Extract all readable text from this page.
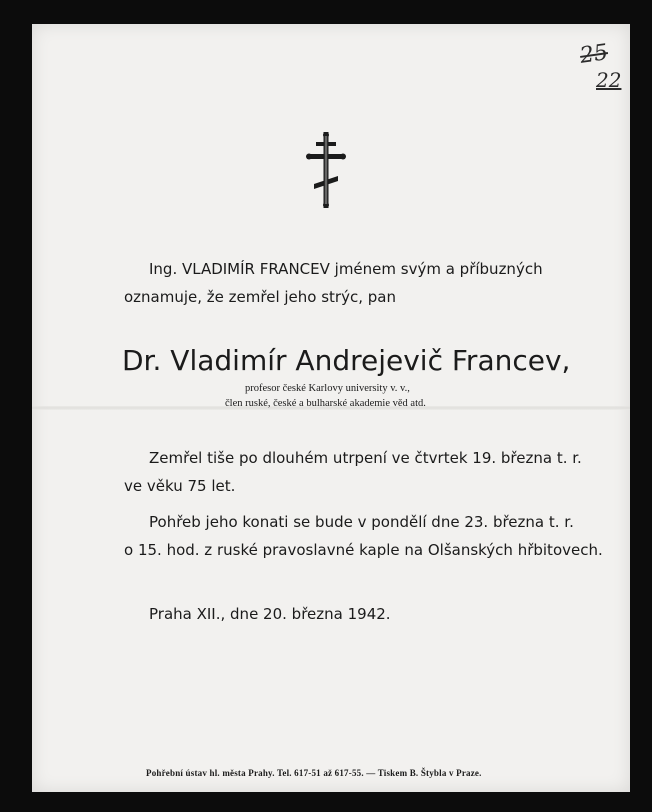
25
22
Ing. VLADIMÍR FRANCEV jménem svým a příbuzných
oznamuje, že zemřel jeho strýc, pan
Dr. Vladimír Andrejevič Francev,
profesor české Karlovy university v. v.,
člen ruské, české a bulharské akademie věd atd.
Zemřel tiše po dlouhém utrpení ve čtvrtek 19. března t. r.
ve věku 75 let.
Pohřeb jeho konati se bude v pondělí dne 23. března t. r.
o 15. hod. z ruské pravoslavné kaple na Olšanských hřbitovech.
Praha XII., dne 20. března 1942.
Pohřební ústav hl. města Prahy. Tel. 617-51 až 617-55. — Tiskem B. Štybla v Praze.
